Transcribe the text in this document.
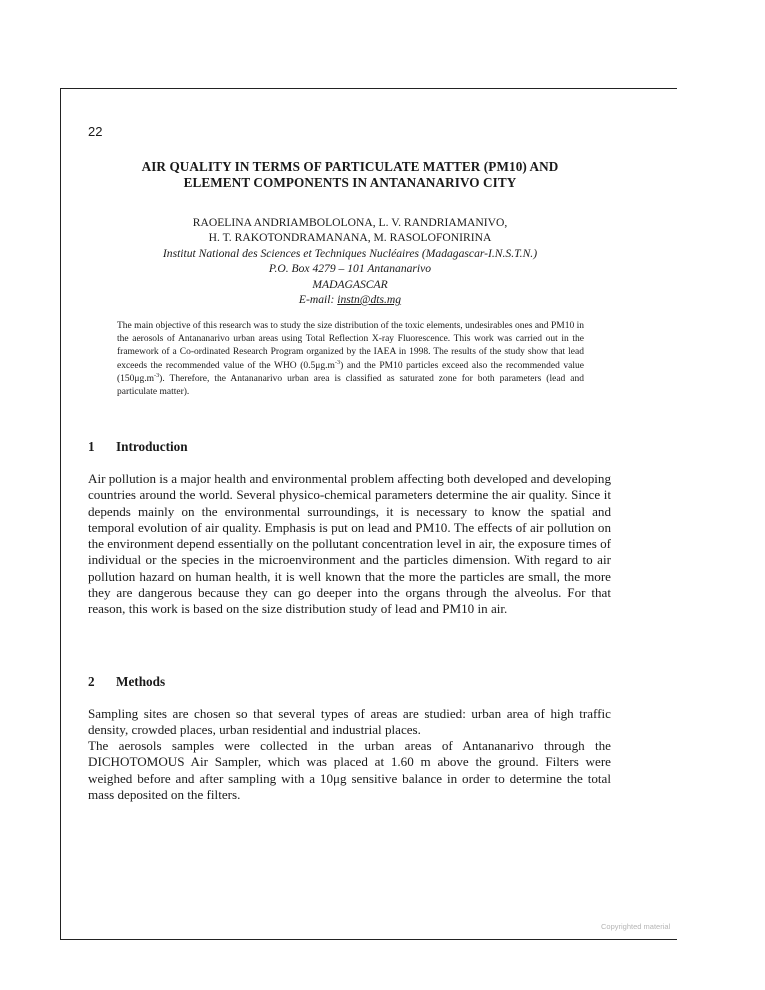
22
AIR QUALITY IN TERMS OF PARTICULATE MATTER (PM10) AND
ELEMENT COMPONENTS IN ANTANANARIVO CITY
RAOELINA ANDRIAMBOLOLONA, L. V. RANDRIAMANIVO,
H. T. RAKOTONDRAMANANA, M. RASOLOFONIRINA
Institut National des Sciences et Techniques Nucléaires (Madagascar-I.N.S.T.N.)
P.O. Box 4279 – 101 Antananarivo
MADAGASCAR
E-mail: instn@dts.mg
The main objective of this research was to study the size distribution of the toxic elements, undesirables ones and PM10 in the aerosols of Antananarivo urban areas using Total Reflection X-ray Fluorescence. This work was carried out in the framework of a Co-ordinated Research Program organized by the IAEA in 1998. The results of the study show that lead exceeds the recommended value of the WHO $(0.5\mu g.m^{-3})$ and the PM10 particles exceed also the recommended value $(150\mu g.m^{-3})$. Therefore, the Antananarivo urban area is classified as saturated zone for both parameters (lead and particulate matter).
1 Introduction
Air pollution is a major health and environmental problem affecting both developed and developing countries around the world. Several physico-chemical parameters determine the air quality. Since it depends mainly on the environmental surroundings, it is necessary to know the spatial and temporal evolution of air quality. Emphasis is put on lead and PM10. The effects of air pollution on the environment depend essentially on the pollutant concentration level in air, the exposure times of individual or the species in the microenvironment and the particles dimension. With regard to air pollution hazard on human health, it is well known that the more the particles are small, the more they are dangerous because they can go deeper into the organs through the alveolus. For that reason, this work is based on the size distribution study of lead and PM10 in air.
2 Methods
Sampling sites are chosen so that several types of areas are studied: urban area of high traffic density, crowded places, urban residential and industrial places.
The aerosols samples were collected in the urban areas of Antananarivo through the DICHOTOMOUS Air Sampler, which was placed at 1.60 m above the ground. Filters were weighed before and after sampling with a 10μg sensitive balance in order to determine the total mass deposited on the filters.
Copyrighted material
